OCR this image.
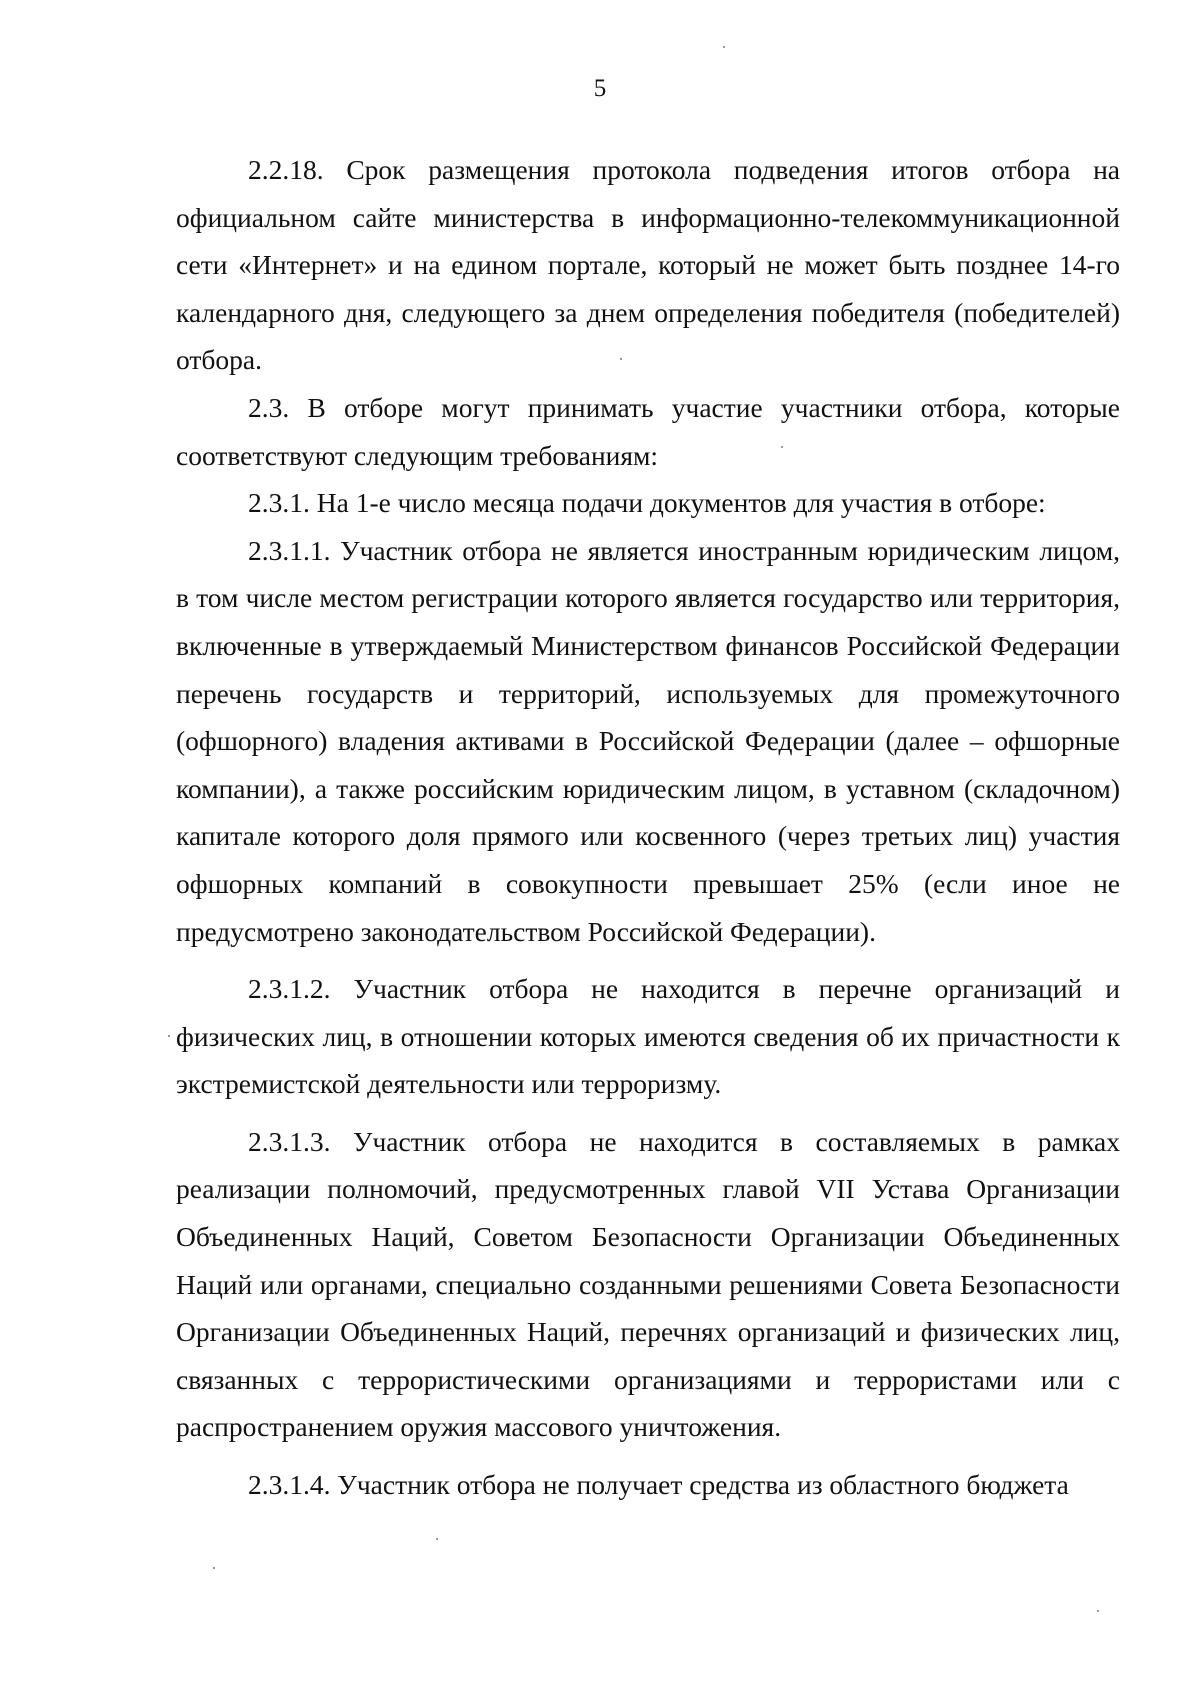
5

2.2.18. Срок размещения протокола подведения итогов отбора на официальном сайте министерства в информационно-телекоммуникационной сети «Интернет» и на едином портале, который не может быть позднее 14-го календарного дня, следующего за днем определения победителя (победителей) отбора.

2.3. В отборе могут принимать участие участники отбора, которые соответствуют следующим требованиям:

2.3.1. На 1-е число месяца подачи документов для участия в отборе:

2.3.1.1. Участник отбора не является иностранным юридическим лицом, в том числе местом регистрации которого является государство или территория, включенные в утверждаемый Министерством финансов Российской Федерации перечень государств и территорий, используемых для промежуточного (офшорного) владения активами в Российской Федерации (далее – офшорные компании), а также российским юридическим лицом, в уставном (складочном) капитале которого доля прямого или косвенного (через третьих лиц) участия офшорных компаний в совокупности превышает 25% (если иное не предусмотрено законодательством Российской Федерации).

2.3.1.2. Участник отбора не находится в перечне организаций и физических лиц, в отношении которых имеются сведения об их причастности к экстремистской деятельности или терроризму.

2.3.1.3. Участник отбора не находится в составляемых в рамках реализации полномочий, предусмотренных главой VII Устава Организации Объединенных Наций, Советом Безопасности Организации Объединенных Наций или органами, специально созданными решениями Совета Безопасности Организации Объединенных Наций, перечнях организаций и физических лиц, связанных с террористическими организациями и террористами или с распространением оружия массового уничтожения.

2.3.1.4. Участник отбора не получает средства из областного бюджета
